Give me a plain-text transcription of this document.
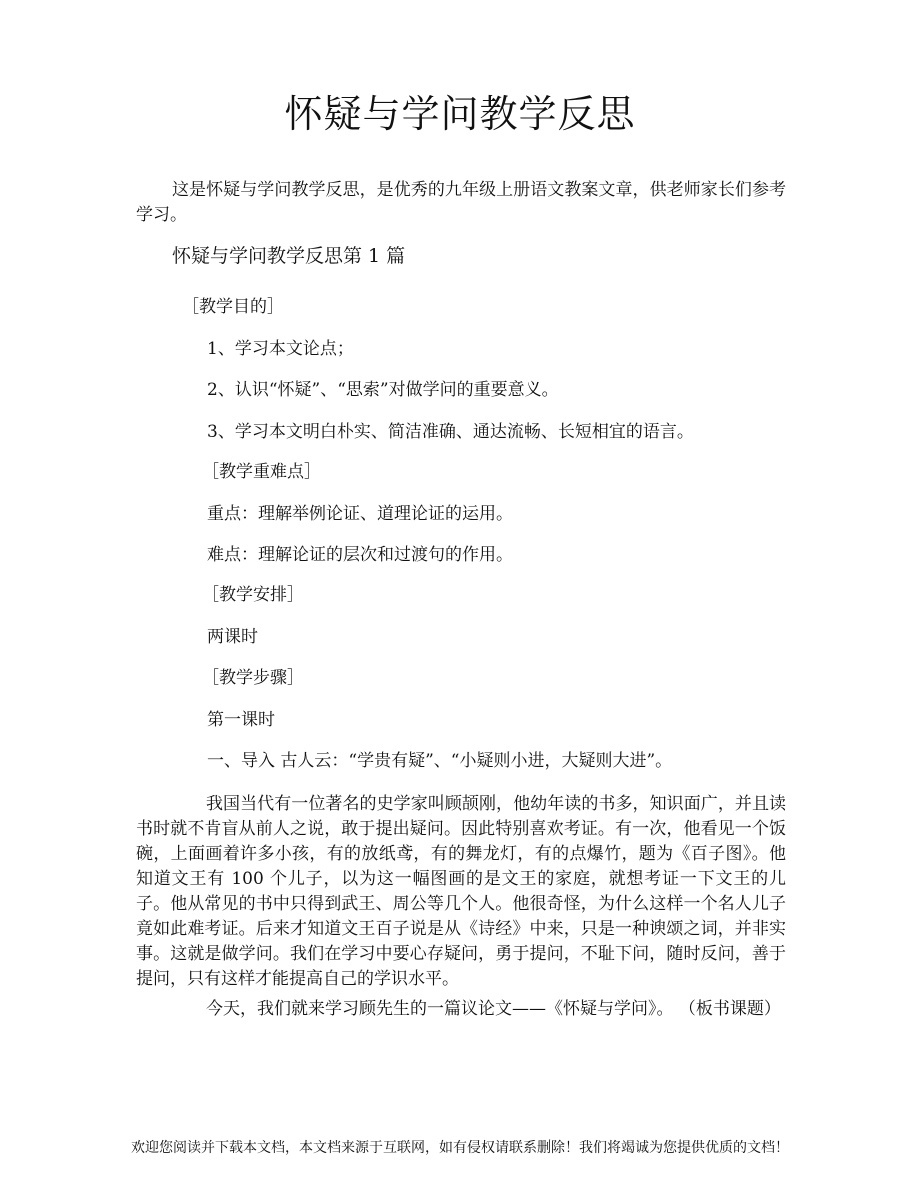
怀疑与学问教学反思

这是怀疑与学问教学反思，是优秀的九年级上册语文教案文章，供老师家长们参考学习。

怀疑与学问教学反思第 1 篇

［教学目的］

1、学习本文论点；

2、认识“怀疑”、“思索”对做学问的重要意义。

3、学习本文明白朴实、简洁准确、通达流畅、长短相宜的语言。

［教学重难点］

重点：理解举例论证、道理论证的运用。

难点：理解论证的层次和过渡句的作用。

［教学安排］

两课时

［教学步骤］

第一课时

一、导入 古人云：“学贵有疑”、“小疑则小进，大疑则大进”。

我国当代有一位著名的史学家叫顾颉刚，他幼年读的书多，知识面广，并且读书时就不肯盲从前人之说，敢于提出疑问。因此特别喜欢考证。有一次，他看见一个饭碗，上面画着许多小孩，有的放纸鸢，有的舞龙灯，有的点爆竹，题为《百子图》。他知道文王有 100 个儿子，以为这一幅图画的是文王的家庭，就想考证一下文王的儿子。他从常见的书中只得到武王、周公等几个人。他很奇怪，为什么这样一个名人儿子竟如此难考证。后来才知道文王百子说是从《诗经》中来，只是一种谀颂之词，并非实事。这就是做学问。我们在学习中要心存疑问，勇于提问，不耻下问，随时反问，善于提问，只有这样才能提高自己的学识水平。

今天，我们就来学习顾先生的一篇议论文——《怀疑与学问》。 （板书课题）

欢迎您阅读并下载本文档，本文档来源于互联网，如有侵权请联系删除！我们将竭诚为您提供优质的文档！
